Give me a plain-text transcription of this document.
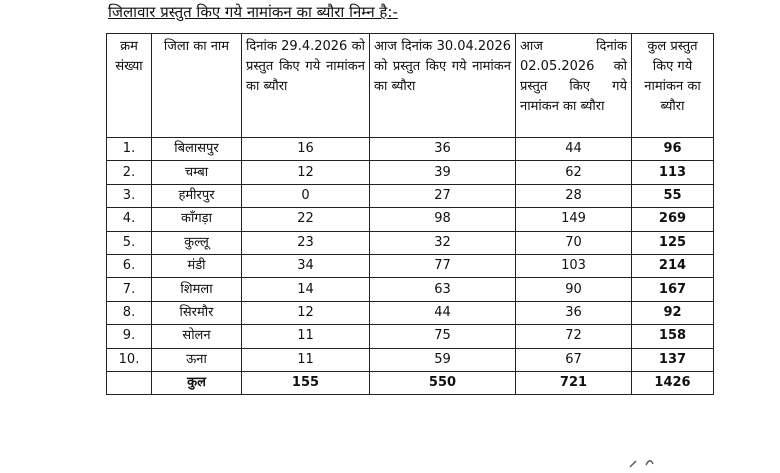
जिलावार प्रस्तुत किए गये नामांकन का ब्यौरा निम्न है:-
क्रम संख्या	जिला का नाम	दिनांक 29.4.2026 को प्रस्तुत किए गये नामांकन का ब्यौरा	आज दिनांक 30.04.2026 को प्रस्तुत किए गये नामांकन का ब्यौरा	आज दिनांक 02.05.2026 को प्रस्तुत किए गये नामांकन का ब्यौरा	कुल प्रस्तुत किए गये नामांकन का ब्यौरा
1.	बिलासपुर	16	36	44	96
2.	चम्बा	12	39	62	113
3.	हमीरपुर	0	27	28	55
4.	काँगड़ा	22	98	149	269
5.	कुल्लू	23	32	70	125
6.	मंडी	34	77	103	214
7.	शिमला	14	63	90	167
8.	सिरमौर	12	44	36	92
9.	सोलन	11	75	72	158
10.	ऊना	11	59	67	137
	कुल	155	550	721	1426
